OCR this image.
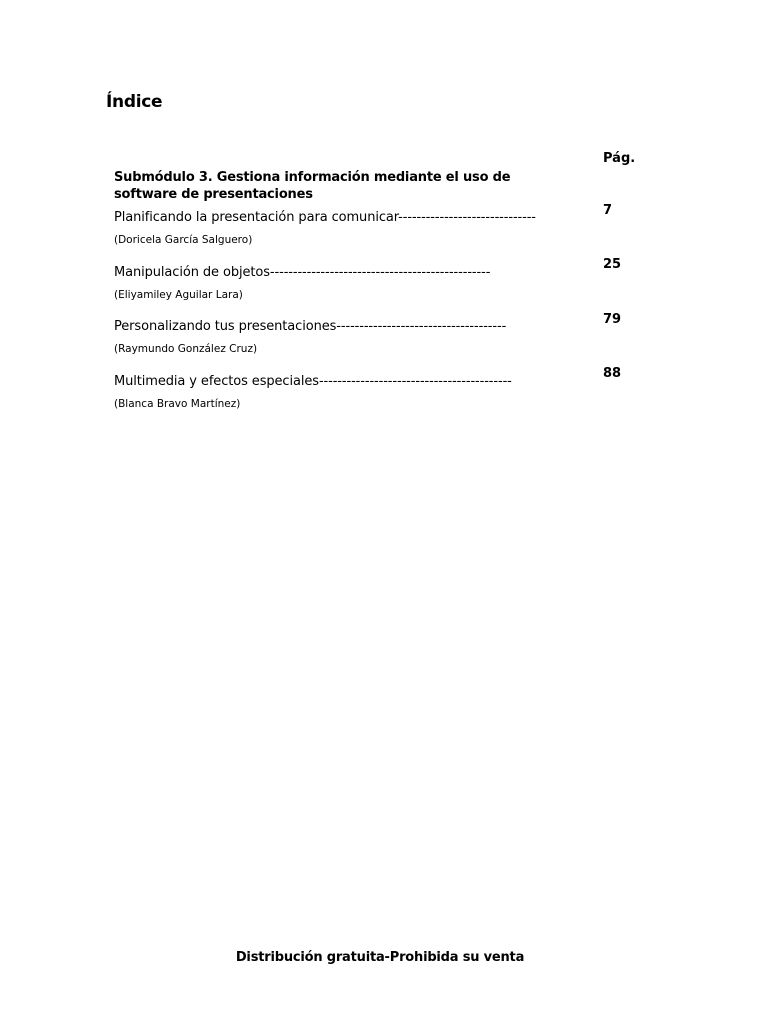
Índice
Pág.
Submódulo 3. Gestiona información mediante el uso de software de presentaciones
Planificando la presentación para comunicar------------------------------
(Doricela García Salguero)
7
Manipulación de objetos------------------------------------------------
(Eliyamiley Aguilar Lara)
25
Personalizando tus presentaciones-------------------------------------
(Raymundo González Cruz)
79
Multimedia y efectos especiales------------------------------------------
(Blanca Bravo Martínez)
88
Distribución gratuita-Prohibida su venta
